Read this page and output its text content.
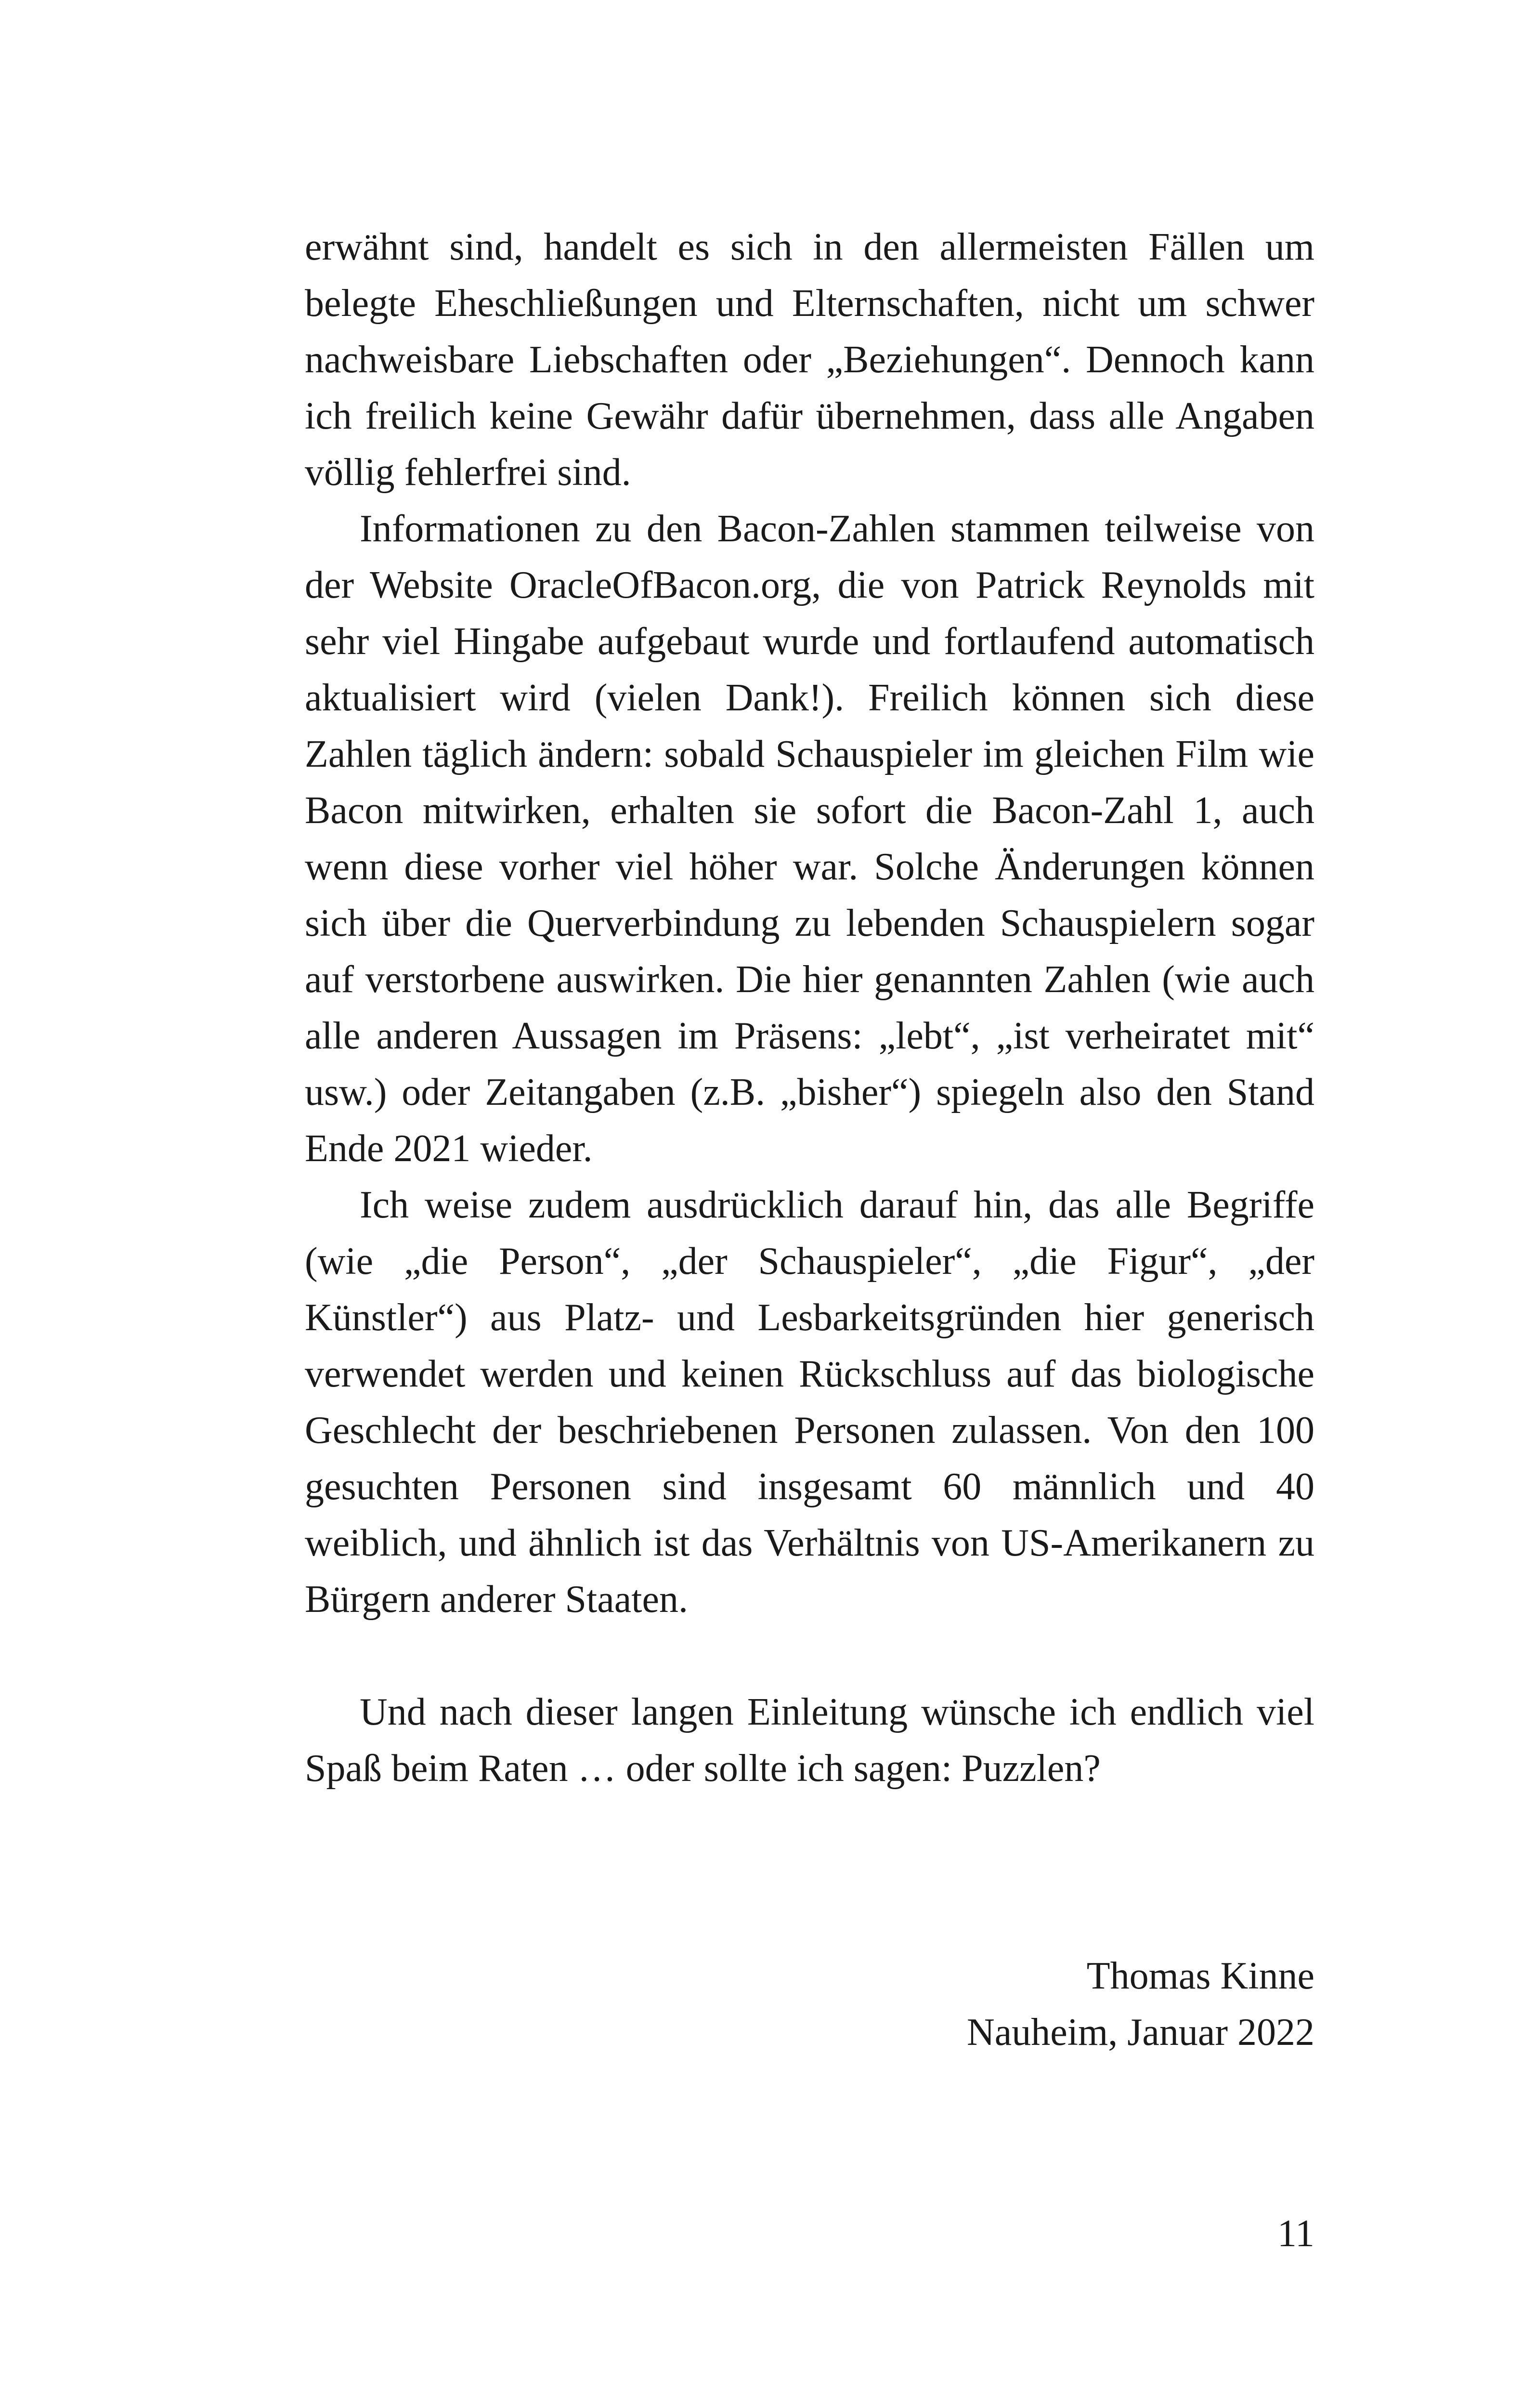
erwähnt sind, handelt es sich in den allermeisten Fällen um belegte Eheschließungen und Elternschaften, nicht um schwer nachweisbare Liebschaften oder „Beziehungen“. Dennoch kann ich freilich keine Gewähr dafür übernehmen, dass alle Angaben völlig fehlerfrei sind.

Informationen zu den Bacon-Zahlen stammen teilweise von der Website OracleOfBacon.org, die von Patrick Reynolds mit sehr viel Hingabe aufgebaut wurde und fortlaufend automatisch aktualisiert wird (vielen Dank!). Freilich können sich diese Zahlen täglich ändern: sobald Schauspieler im gleichen Film wie Bacon mitwirken, erhalten sie sofort die Bacon-Zahl 1, auch wenn diese vorher viel höher war. Solche Änderungen können sich über die Querverbindung zu lebenden Schauspielern sogar auf verstorbene auswirken. Die hier genannten Zahlen (wie auch alle anderen Aussagen im Präsens: „lebt“, „ist verheiratet mit“ usw.) oder Zeitangaben (z.B. „bisher“) spiegeln also den Stand Ende 2021 wieder.

Ich weise zudem ausdrücklich darauf hin, das alle Begriffe (wie „die Person“, „der Schauspieler“, „die Figur“, „der Künstler“) aus Platz- und Lesbarkeitsgründen hier generisch verwendet werden und keinen Rückschluss auf das biologische Geschlecht der beschriebenen Personen zulassen. Von den 100 gesuchten Personen sind insgesamt 60 männlich und 40 weiblich, und ähnlich ist das Verhältnis von US-Amerikanern zu Bürgern anderer Staaten.

Und nach dieser langen Einleitung wünsche ich endlich viel Spaß beim Raten … oder sollte ich sagen: Puzzlen?

Thomas Kinne
Nauheim, Januar 2022
11
